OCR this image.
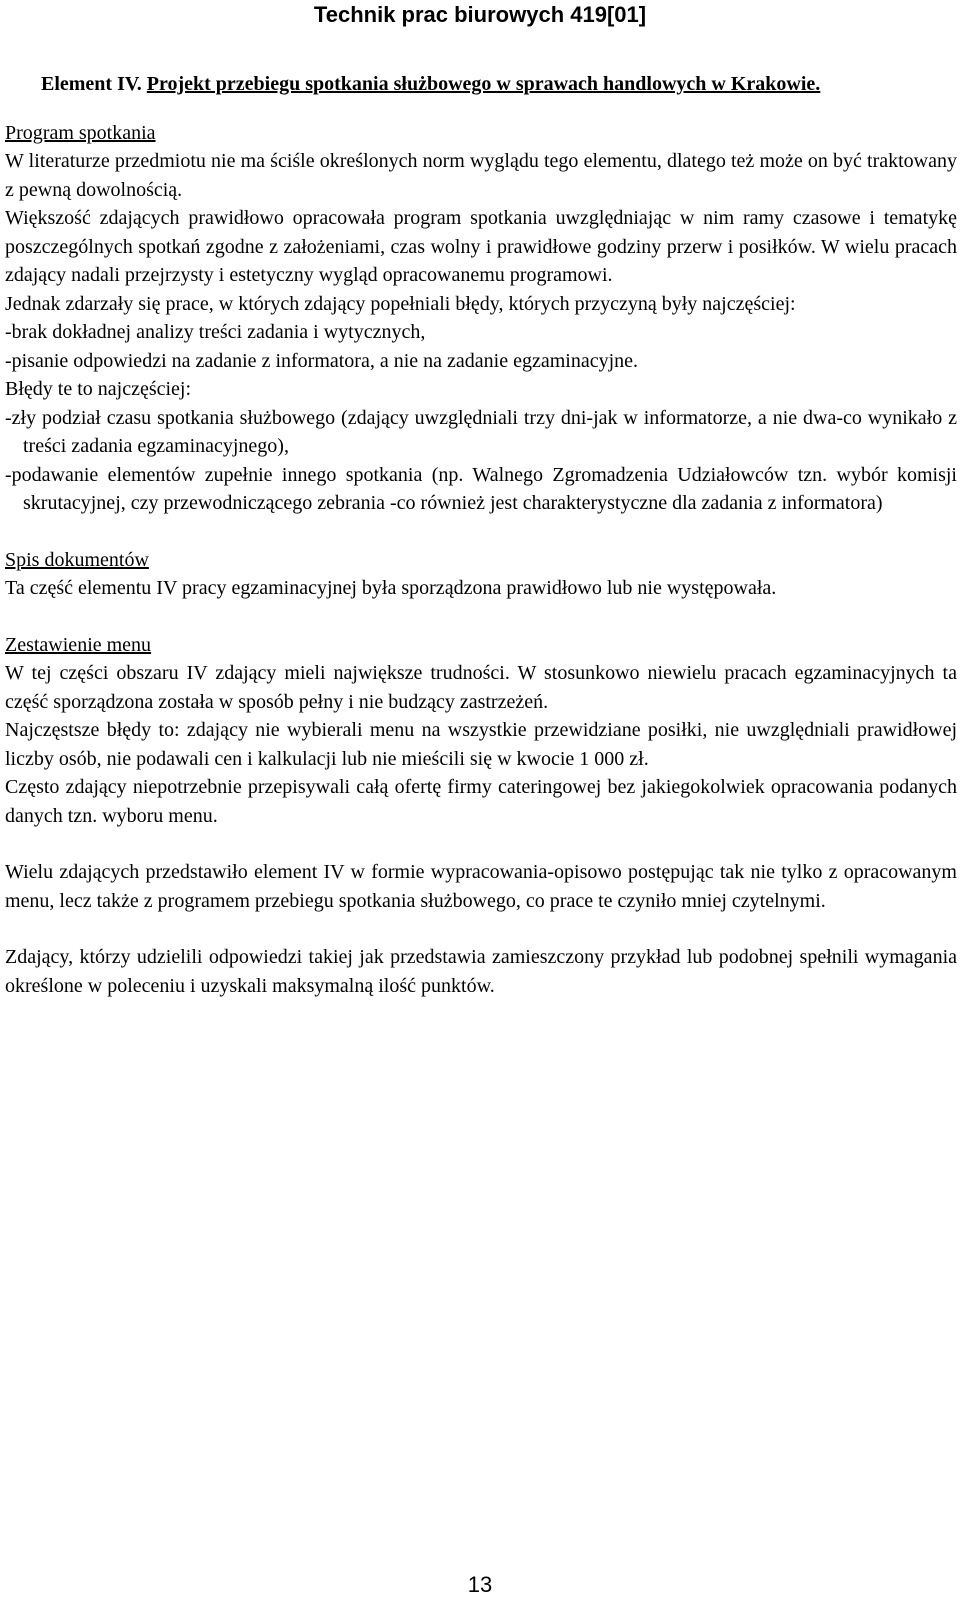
Technik prac biurowych 419[01]

Element IV. Projekt przebiegu spotkania służbowego w sprawach handlowych w Krakowie.

Program spotkania

W literaturze przedmiotu nie ma ściśle określonych norm wyglądu tego elementu, dlatego też może on być traktowany z pewną dowolnością.

Większość zdających prawidłowo opracowała program spotkania uwzględniając w nim ramy czasowe i tematykę poszczególnych spotkań zgodne z założeniami, czas wolny i prawidłowe godziny przerw i posiłków. W wielu pracach zdający nadali przejrzysty i estetyczny wygląd opracowanemu programowi.

Jednak zdarzały się prace, w których zdający popełniali błędy, których przyczyną były najczęściej:

-brak dokładnej analizy treści zadania i wytycznych,

-pisanie odpowiedzi na zadanie z informatora, a nie na zadanie egzaminacyjne.

Błędy te to najczęściej:

-zły podział czasu spotkania służbowego (zdający uwzględniali trzy dni-jak w informatorze, a nie dwa-co wynikało z treści zadania egzaminacyjnego),

-podawanie elementów zupełnie innego spotkania (np. Walnego Zgromadzenia Udziałowców tzn. wybór komisji skrutacyjnej, czy przewodniczącego zebrania -co również jest charakterystyczne dla zadania z informatora)

Spis dokumentów

Ta część elementu IV pracy egzaminacyjnej była sporządzona prawidłowo lub nie występowała.

Zestawienie menu

W tej części obszaru IV zdający mieli największe trudności. W stosunkowo niewielu pracach egzaminacyjnych ta część sporządzona została w sposób pełny i nie budzący zastrzeżeń.

Najczęstsze błędy to: zdający nie wybierali menu na wszystkie przewidziane posiłki, nie uwzględniali prawidłowej liczby osób, nie podawali cen i kalkulacji lub nie mieścili się w kwocie 1 000 zł.

Często zdający niepotrzebnie przepisywali całą ofertę firmy cateringowej bez jakiegokolwiek opracowania podanych danych tzn. wyboru menu.

Wielu zdających przedstawiło element IV w formie wypracowania-opisowo postępując tak nie tylko z opracowanym menu, lecz także z programem przebiegu spotkania służbowego, co prace te czyniło mniej czytelnymi.

Zdający, którzy udzielili odpowiedzi takiej jak przedstawia zamieszczony przykład lub podobnej spełnili wymagania określone w poleceniu i uzyskali maksymalną ilość punktów.

13
